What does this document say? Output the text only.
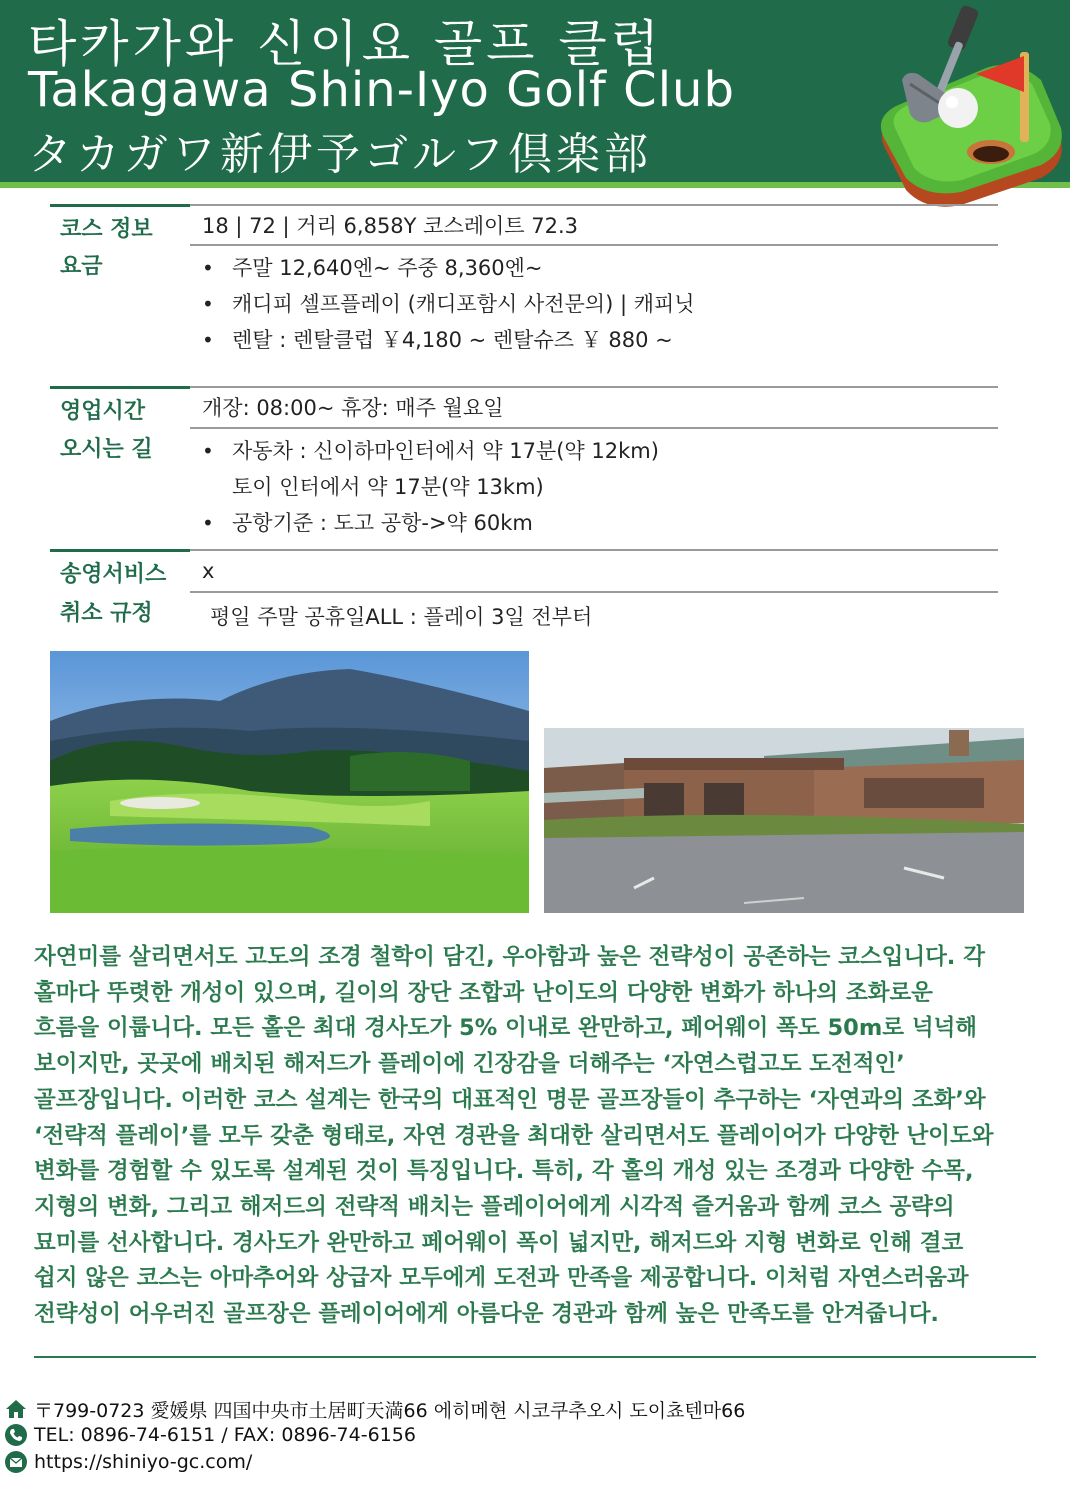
타카가와 신이요 골프 클럽
Takagawa Shin-Iyo Golf Club
タカガワ新伊予ゴルフ倶楽部
코스 정보	18 | 72 | 거리 6,858Y 코스레이트 72.3
요금	• 주말 12,640엔~ 주중 8,360엔~
• 캐디피 셀프플레이 (캐디포함시 사전문의) | 캐피닛
• 렌탈 : 렌탈클럽 ￥4,180 ~ 렌탈슈즈 ￥ 880 ~
영업시간	개장: 08:00~ 휴장: 매주 월요일
오시는 길	• 자동차 : 신이하마인터에서 약 17분(약 12km)
토이 인터에서 약 17분(약 13km)
• 공항기준 : 도고 공항->약 60km
송영서비스	x
취소 규정	평일 주말 공휴일ALL : 플레이 3일 전부터
자연미를 살리면서도 고도의 조경 철학이 담긴, 우아함과 높은 전략성이 공존하는 코스입니다. 각
홀마다 뚜렷한 개성이 있으며, 길이의 장단 조합과 난이도의 다양한 변화가 하나의 조화로운
흐름을 이룹니다. 모든 홀은 최대 경사도가 5% 이내로 완만하고, 페어웨이 폭도 50m로 넉넉해
보이지만, 곳곳에 배치된 해저드가 플레이에 긴장감을 더해주는 ‘자연스럽고도 도전적인’
골프장입니다. 이러한 코스 설계는 한국의 대표적인 명문 골프장들이 추구하는 ‘자연과의 조화’와
‘전략적 플레이’를 모두 갖춘 형태로, 자연 경관을 최대한 살리면서도 플레이어가 다양한 난이도와
변화를 경험할 수 있도록 설계된 것이 특징입니다. 특히, 각 홀의 개성 있는 조경과 다양한 수목,
지형의 변화, 그리고 해저드의 전략적 배치는 플레이어에게 시각적 즐거움과 함께 코스 공략의
묘미를 선사합니다. 경사도가 완만하고 페어웨이 폭이 넓지만, 해저드와 지형 변화로 인해 결코
쉽지 않은 코스는 아마추어와 상급자 모두에게 도전과 만족을 제공합니다. 이처럼 자연스러움과
전략성이 어우러진 골프장은 플레이어에게 아름다운 경관과 함께 높은 만족도를 안겨줍니다.
〒799-0723 愛媛県 四国中央市土居町天満66 에히메현 시코쿠추오시 도이쵸텐마66
TEL: 0896-74-6151 / FAX: 0896-74-6156
https://shiniyo-gc.com/
